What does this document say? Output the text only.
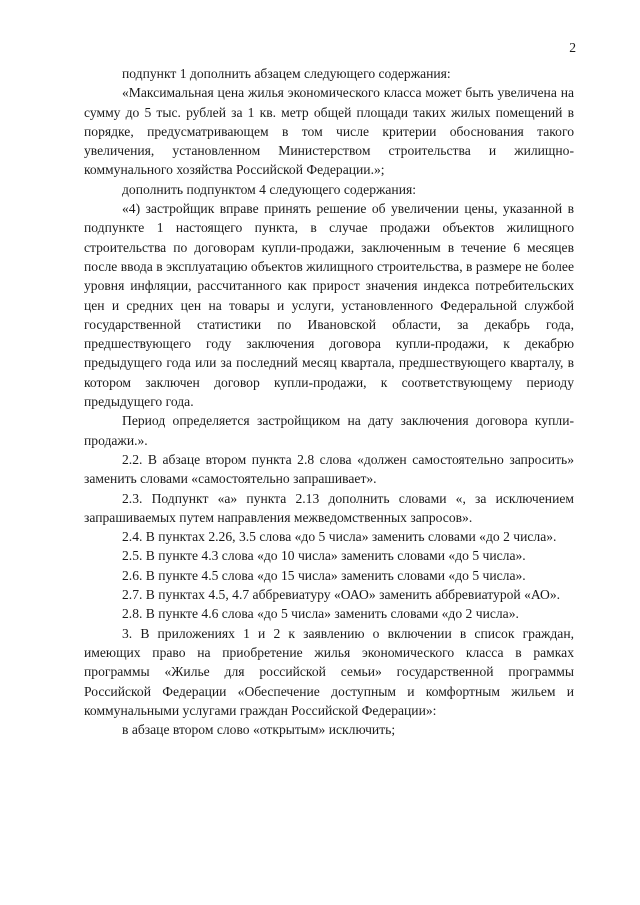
2

подпункт 1 дополнить абзацем следующего содержания:

«Максимальная цена жилья экономического класса может быть увеличена на сумму до 5 тыс. рублей за 1 кв. метр общей площади таких жилых помещений в порядке, предусматривающем в том числе критерии обоснования такого увеличения, установленном Министерством строительства и жилищно-коммунального хозяйства Российской Федерации.»;

дополнить подпунктом 4 следующего содержания:

«4) застройщик вправе принять решение об увеличении цены, указанной в подпункте 1 настоящего пункта, в случае продажи объектов жилищного строительства по договорам купли-продажи, заключенным в течение 6 месяцев после ввода в эксплуатацию объектов жилищного строительства, в размере не более уровня инфляции, рассчитанного как прирост значения индекса потребительских цен и средних цен на товары и услуги, установленного Федеральной службой государственной статистики по Ивановской области, за декабрь года, предшествующего году заключения договора купли-продажи, к декабрю предыдущего года или за последний месяц квартала, предшествующего кварталу, в котором заключен договор купли-продажи, к соответствующему периоду предыдущего года.

Период определяется застройщиком на дату заключения договора купли-продажи.».

2.2. В абзаце втором пункта 2.8 слова «должен самостоятельно запросить» заменить словами «самостоятельно запрашивает».

2.3. Подпункт «а» пункта 2.13 дополнить словами «, за исключением запрашиваемых путем направления межведомственных запросов».

2.4. В пунктах 2.26, 3.5 слова «до 5 числа» заменить словами «до 2 числа».

2.5. В пункте 4.3 слова «до 10 числа» заменить словами «до 5 числа».

2.6. В пункте 4.5 слова «до 15 числа» заменить словами «до 5 числа».

2.7. В пунктах 4.5, 4.7 аббревиатуру «ОАО» заменить аббревиатурой «АО».

2.8. В пункте 4.6 слова «до 5 числа» заменить словами «до 2 числа».

3. В приложениях 1 и 2 к заявлению о включении в список граждан, имеющих право на приобретение жилья экономического класса в рамках программы «Жилье для российской семьи» государственной программы Российской Федерации «Обеспечение доступным и комфортным жильем и коммунальными услугами граждан Российской Федерации»:

в абзаце втором слово «открытым» исключить;
